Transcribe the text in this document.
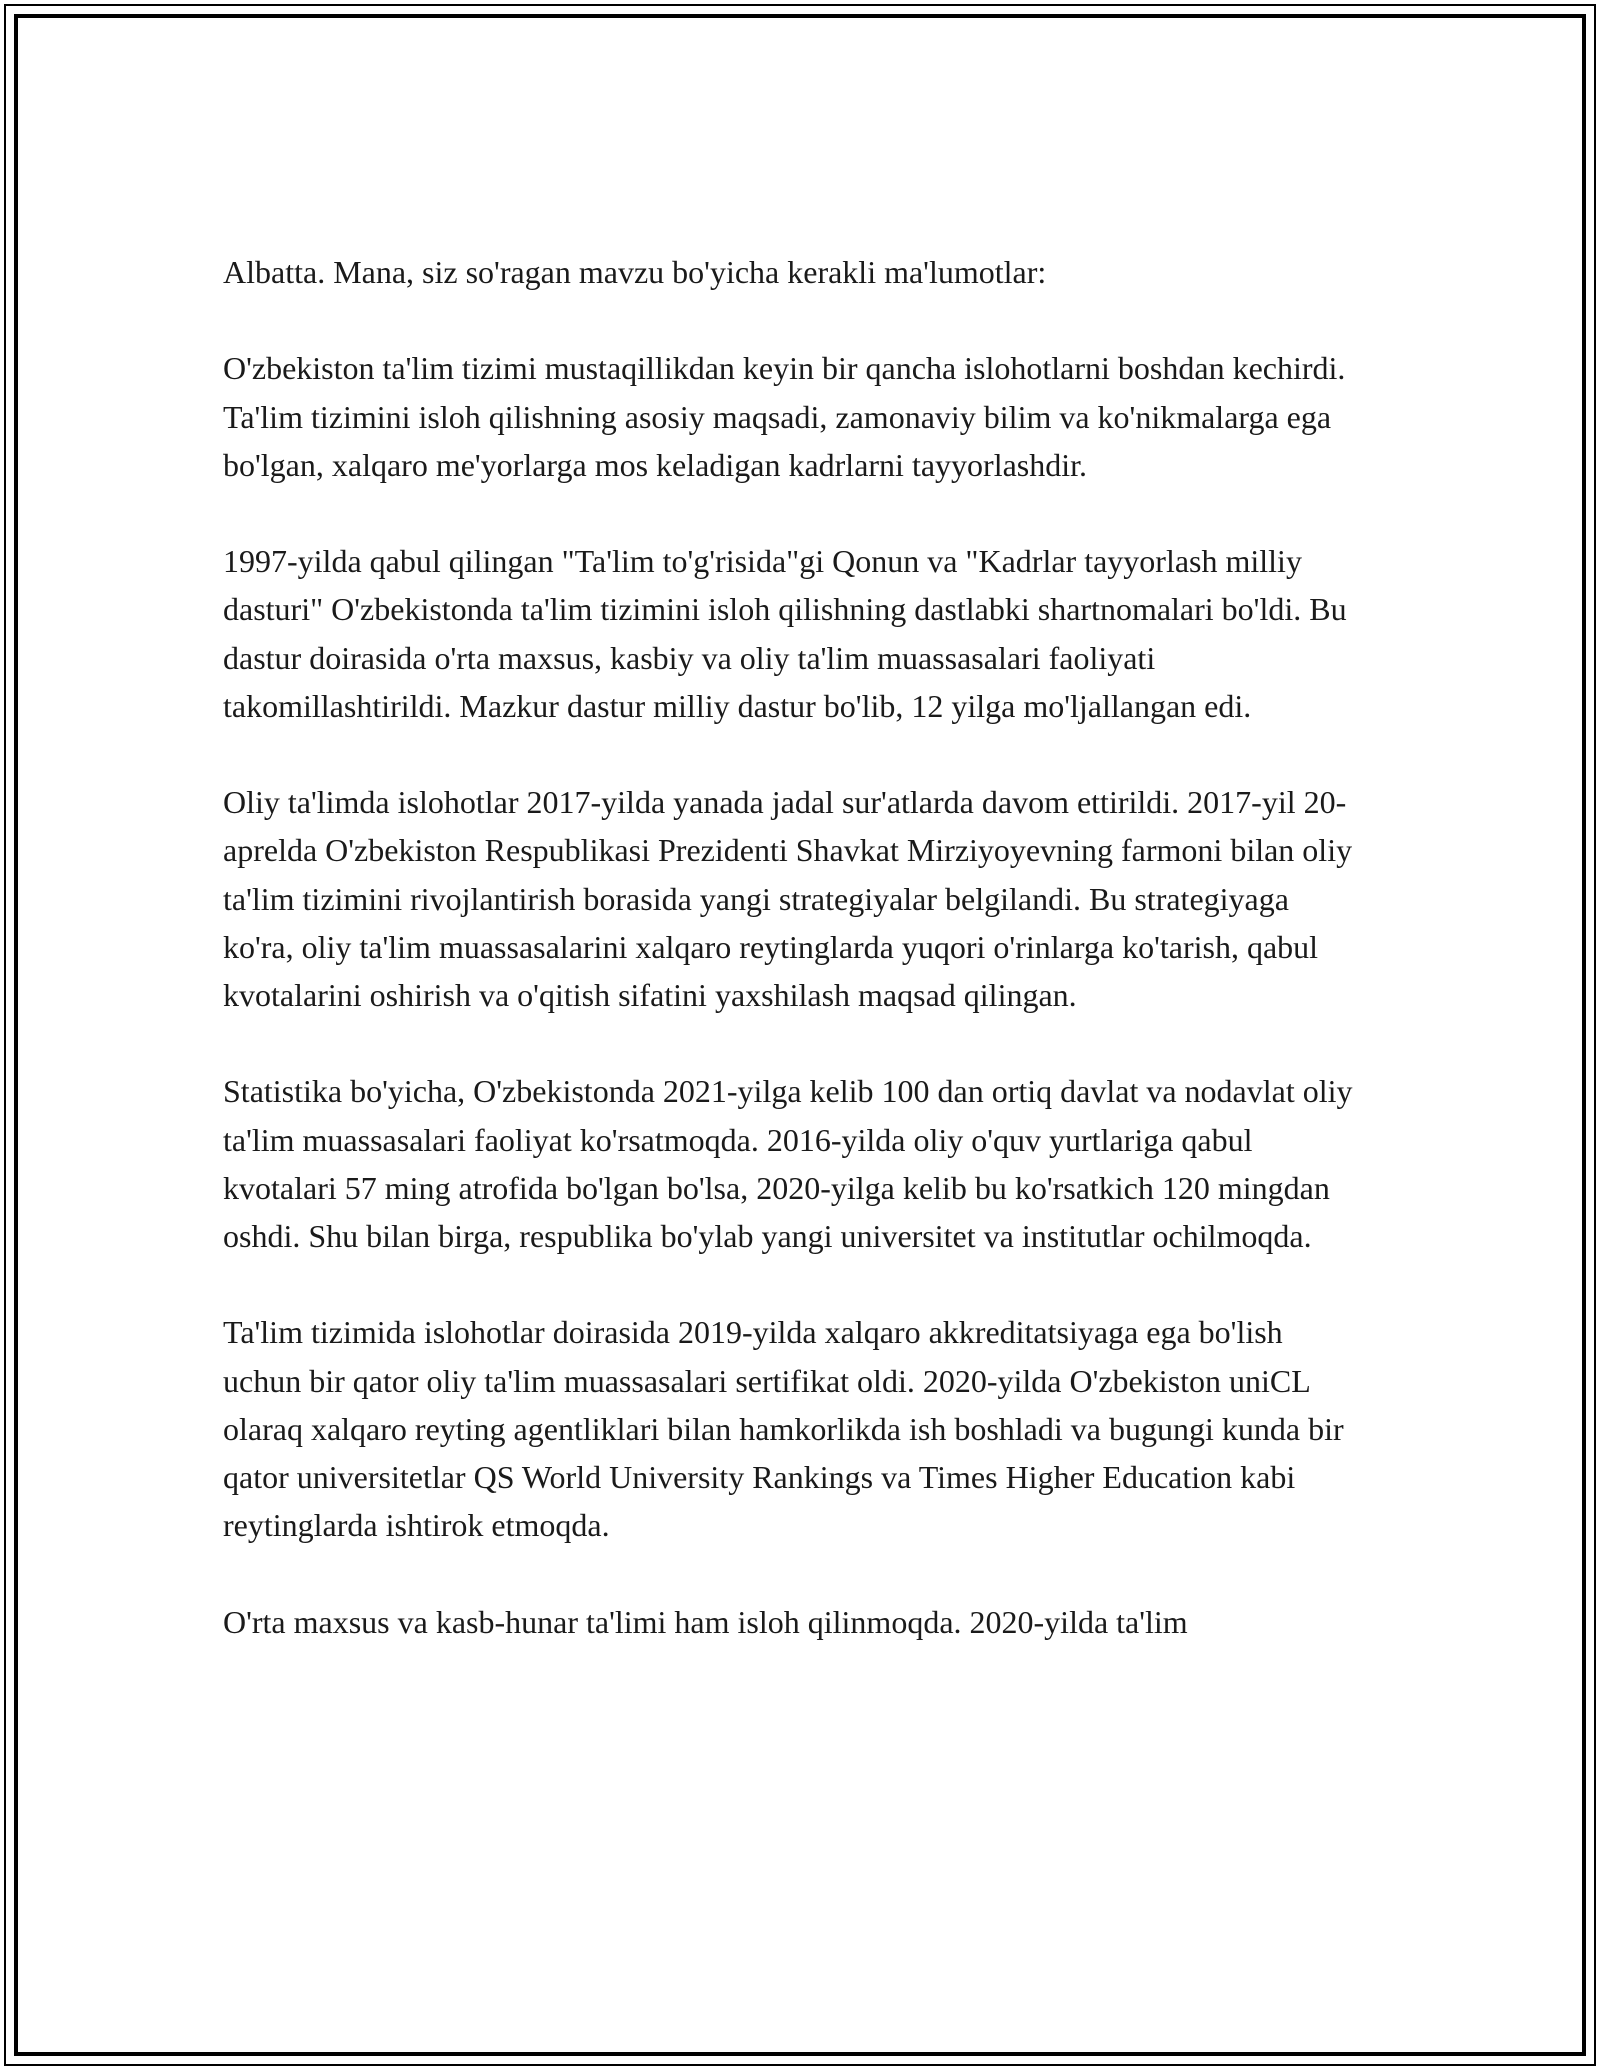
Albatta. Mana, siz so'ragan mavzu bo'yicha kerakli ma'lumotlar:

O'zbekiston ta'lim tizimi mustaqillikdan keyin bir qancha islohotlarni boshdan kechirdi. Ta'lim tizimini isloh qilishning asosiy maqsadi, zamonaviy bilim va ko'nikmalarga ega bo'lgan, xalqaro me'yorlarga mos keladigan kadrlarni tayyorlashdir.

1997-yilda qabul qilingan "Ta'lim to'g'risida"gi Qonun va "Kadrlar tayyorlash milliy dasturi" O'zbekistonda ta'lim tizimini isloh qilishning dastlabki shartnomalari bo'ldi. Bu dastur doirasida o'rta maxsus, kasbiy va oliy ta'lim muassasalari faoliyati takomillashtirildi. Mazkur dastur milliy dastur bo'lib, 12 yilga mo'ljallangan edi.

Oliy ta'limda islohotlar 2017-yilda yanada jadal sur'atlarda davom ettirildi. 2017-yil 20-aprelda O'zbekiston Respublikasi Prezidenti Shavkat Mirziyoyevning farmoni bilan oliy ta'lim tizimini rivojlantirish borasida yangi strategiyalar belgilandi. Bu strategiyaga ko'ra, oliy ta'lim muassasalarini xalqaro reytinglarda yuqori o'rinlarga ko'tarish, qabul kvotalarini oshirish va o'qitish sifatini yaxshilash maqsad qilingan.

Statistika bo'yicha, O'zbekistonda 2021-yilga kelib 100 dan ortiq davlat va nodavlat oliy ta'lim muassasalari faoliyat ko'rsatmoqda. 2016-yilda oliy o'quv yurtlariga qabul kvotalari 57 ming atrofida bo'lgan bo'lsa, 2020-yilga kelib bu ko'rsatkich 120 mingdan oshdi. Shu bilan birga, respublika bo'ylab yangi universitet va institutlar ochilmoqda.

Ta'lim tizimida islohotlar doirasida 2019-yilda xalqaro akkreditatsiyaga ega bo'lish uchun bir qator oliy ta'lim muassasalari sertifikat oldi. 2020-yilda O'zbekiston uniCL olaraq xalqaro reyting agentliklari bilan hamkorlikda ish boshladi va bugungi kunda bir qator universitetlar QS World University Rankings va Times Higher Education kabi reytinglarda ishtirok etmoqda.

O'rta maxsus va kasb-hunar ta'limi ham isloh qilinmoqda. 2020-yilda ta'lim
